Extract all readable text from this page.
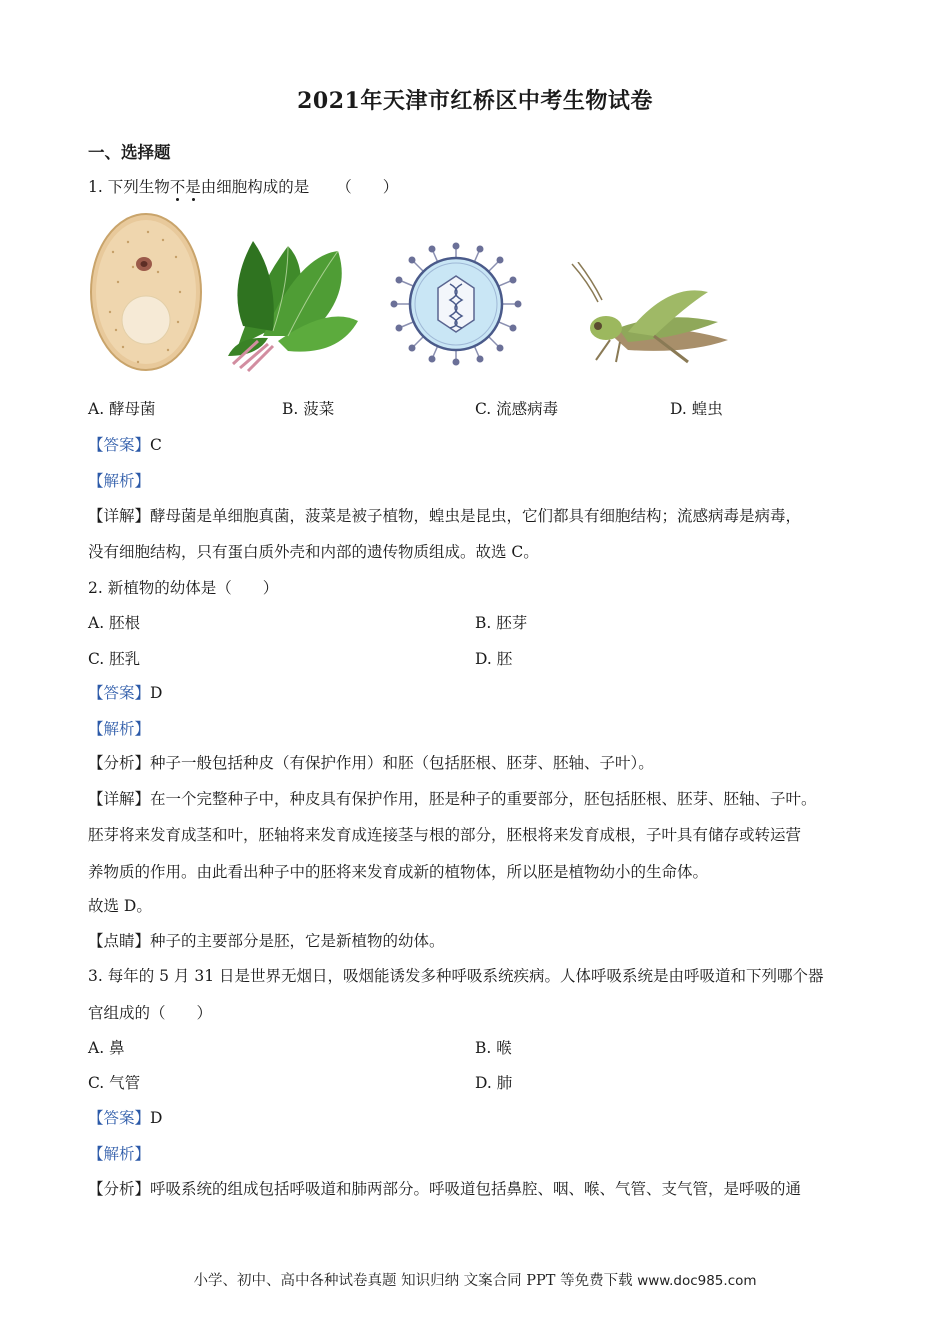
2021年天津市红桥区中考生物试卷
一、选择题
1. 下列生物不是由细胞构成的是 （　　）
A. 酵母菌	B. 菠菜	C. 流感病毒	D. 蝗虫
【答案】C
【解析】
【详解】酵母菌是单细胞真菌，菠菜是被子植物，蝗虫是昆虫，它们都具有细胞结构；流感病毒是病毒，
没有细胞结构，只有蛋白质外壳和内部的遗传物质组成。故选 C。
2. 新植物的幼体是（　　）
A. 胚根	B. 胚芽
C. 胚乳	D. 胚
【答案】D
【解析】
【分析】种子一般包括种皮（有保护作用）和胚（包括胚根、胚芽、胚轴、子叶）。
【详解】在一个完整种子中，种皮具有保护作用，胚是种子的重要部分，胚包括胚根、胚芽、胚轴、子叶。
胚芽将来发育成茎和叶，胚轴将来发育成连接茎与根的部分，胚根将来发育成根，子叶具有储存或转运营
养物质的作用。由此看出种子中的胚将来发育成新的植物体，所以胚是植物幼小的生命体。
故选 D。
【点睛】种子的主要部分是胚，它是新植物的幼体。
3. 每年的 5 月 31 日是世界无烟日，吸烟能诱发多种呼吸系统疾病。人体呼吸系统是由呼吸道和下列哪个器
官组成的（　　）
A. 鼻	B. 喉
C. 气管	D. 肺
【答案】D
【解析】
【分析】呼吸系统的组成包括呼吸道和肺两部分。呼吸道包括鼻腔、咽、喉、气管、支气管，是呼吸的通
小学、初中、高中各种试卷真题 知识归纳 文案合同 PPT 等免费下载 www.doc985.com
